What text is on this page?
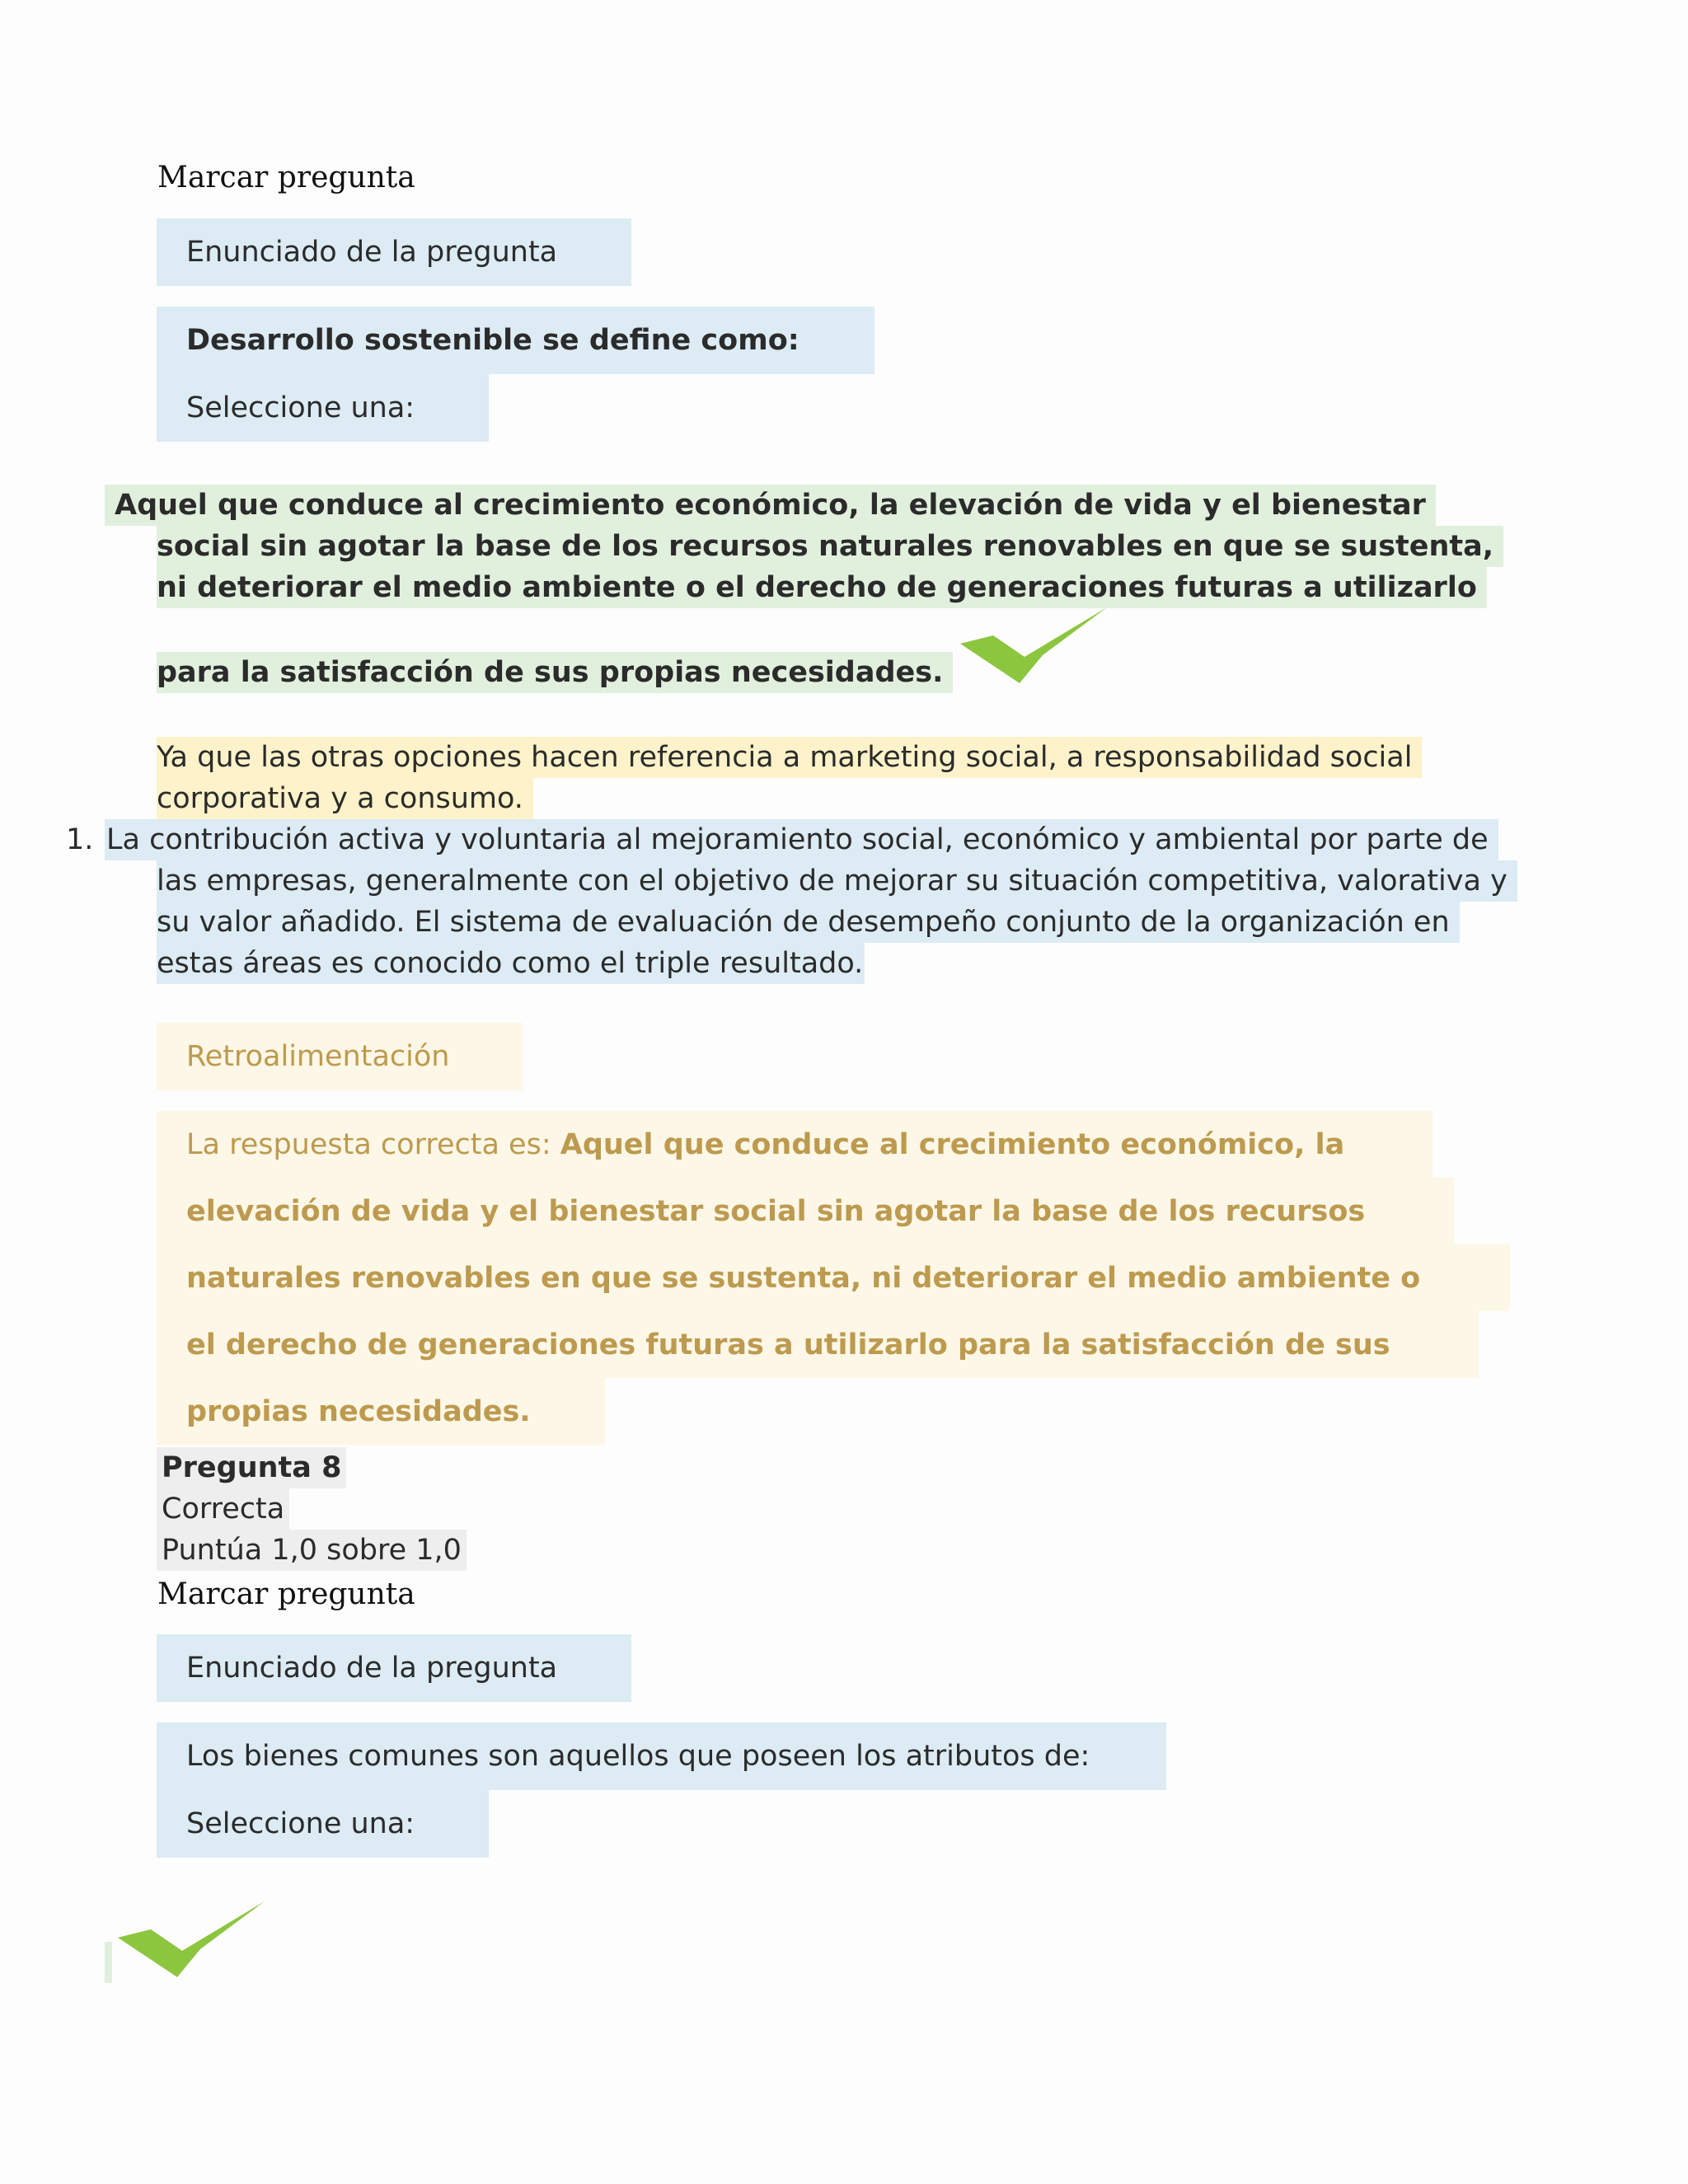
Marcar pregunta
Enunciado de la pregunta
Desarrollo sostenible se define como:
Seleccione una:
Aquel que conduce al crecimiento económico, la elevación de vida y el bienestar
social sin agotar la base de los recursos naturales renovables en que se sustenta,
ni deteriorar el medio ambiente o el derecho de generaciones futuras a utilizarlo
para la satisfacción de sus propias necesidades.
Ya que las otras opciones hacen referencia a marketing social, a responsabilidad social
corporativa y a consumo.
1. La contribución activa y voluntaria al mejoramiento social, económico y ambiental por parte de
las empresas, generalmente con el objetivo de mejorar su situación competitiva, valorativa y
su valor añadido. El sistema de evaluación de desempeño conjunto de la organización en
estas áreas es conocido como el triple resultado.
Retroalimentación
La respuesta correcta es: Aquel que conduce al crecimiento económico, la
elevación de vida y el bienestar social sin agotar la base de los recursos
naturales renovables en que se sustenta, ni deteriorar el medio ambiente o
el derecho de generaciones futuras a utilizarlo para la satisfacción de sus
propias necesidades.
Pregunta 8
Correcta
Puntúa 1,0 sobre 1,0
Marcar pregunta
Enunciado de la pregunta
Los bienes comunes son aquellos que poseen los atributos de:
Seleccione una:
